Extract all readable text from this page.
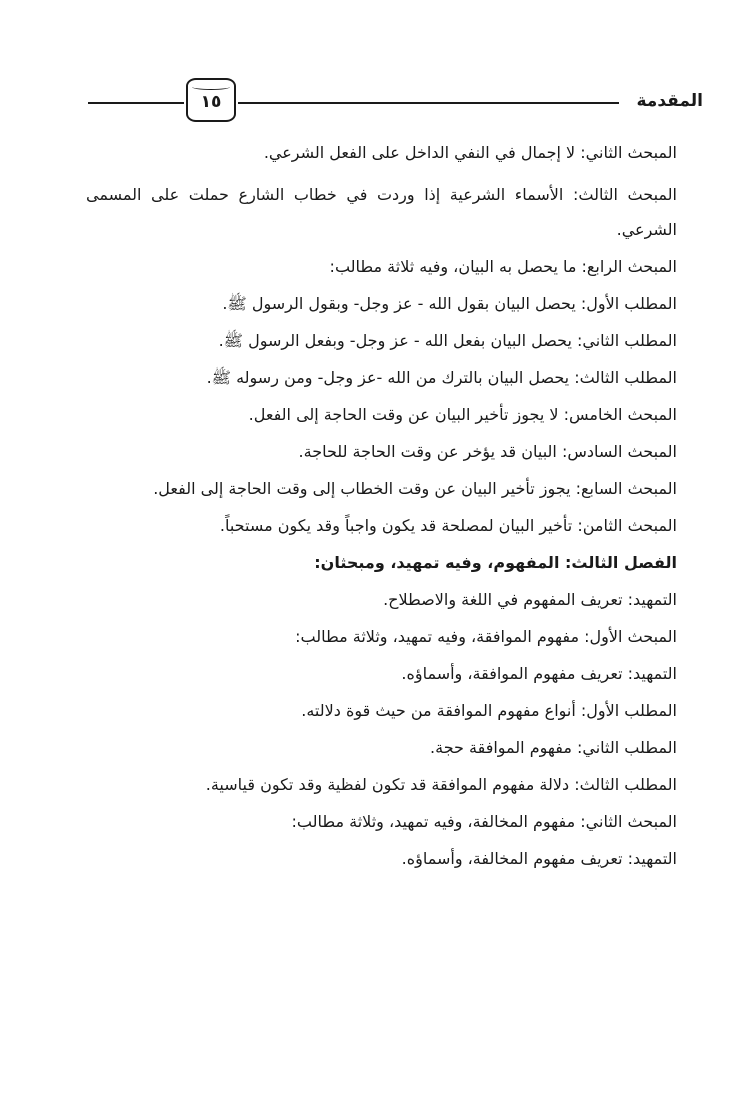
١٥	المقدمة
المبحث الثاني: لا إجمال في النفي الداخل على الفعل الشرعي.
المبحث الثالث: الأسماء الشرعية إذا وردت في خطاب الشارع حملت على المسمى
الشرعي.
المبحث الرابع: ما يحصل به البيان، وفيه ثلاثة مطالب:
المطلب الأول: يحصل البيان بقول الله - عز وجل- وبقول الرسول ﷺ.
المطلب الثاني: يحصل البيان بفعل الله - عز وجل- وبفعل الرسول ﷺ.
المطلب الثالث: يحصل البيان بالترك من الله -عز وجل- ومن رسوله ﷺ.
المبحث الخامس: لا يجوز تأخير البيان عن وقت الحاجة إلى الفعل.
المبحث السادس: البيان قد يؤخر عن وقت الحاجة للحاجة.
المبحث السابع: يجوز تأخير البيان عن وقت الخطاب إلى وقت الحاجة إلى الفعل.
المبحث الثامن: تأخير البيان لمصلحة قد يكون واجباً وقد يكون مستحباً.
الفصل الثالث: المفهوم، وفيه تمهيد، ومبحثان:
التمهيد: تعريف المفهوم في اللغة والاصطلاح.
المبحث الأول: مفهوم الموافقة، وفيه تمهيد، وثلاثة مطالب:
التمهيد: تعريف مفهوم الموافقة، وأسماؤه.
المطلب الأول: أنواع مفهوم الموافقة من حيث قوة دلالته.
المطلب الثاني: مفهوم الموافقة حجة.
المطلب الثالث: دلالة مفهوم الموافقة قد تكون لفظية وقد تكون قياسية.
المبحث الثاني: مفهوم المخالفة، وفيه تمهيد، وثلاثة مطالب:
التمهيد: تعريف مفهوم المخالفة، وأسماؤه.
